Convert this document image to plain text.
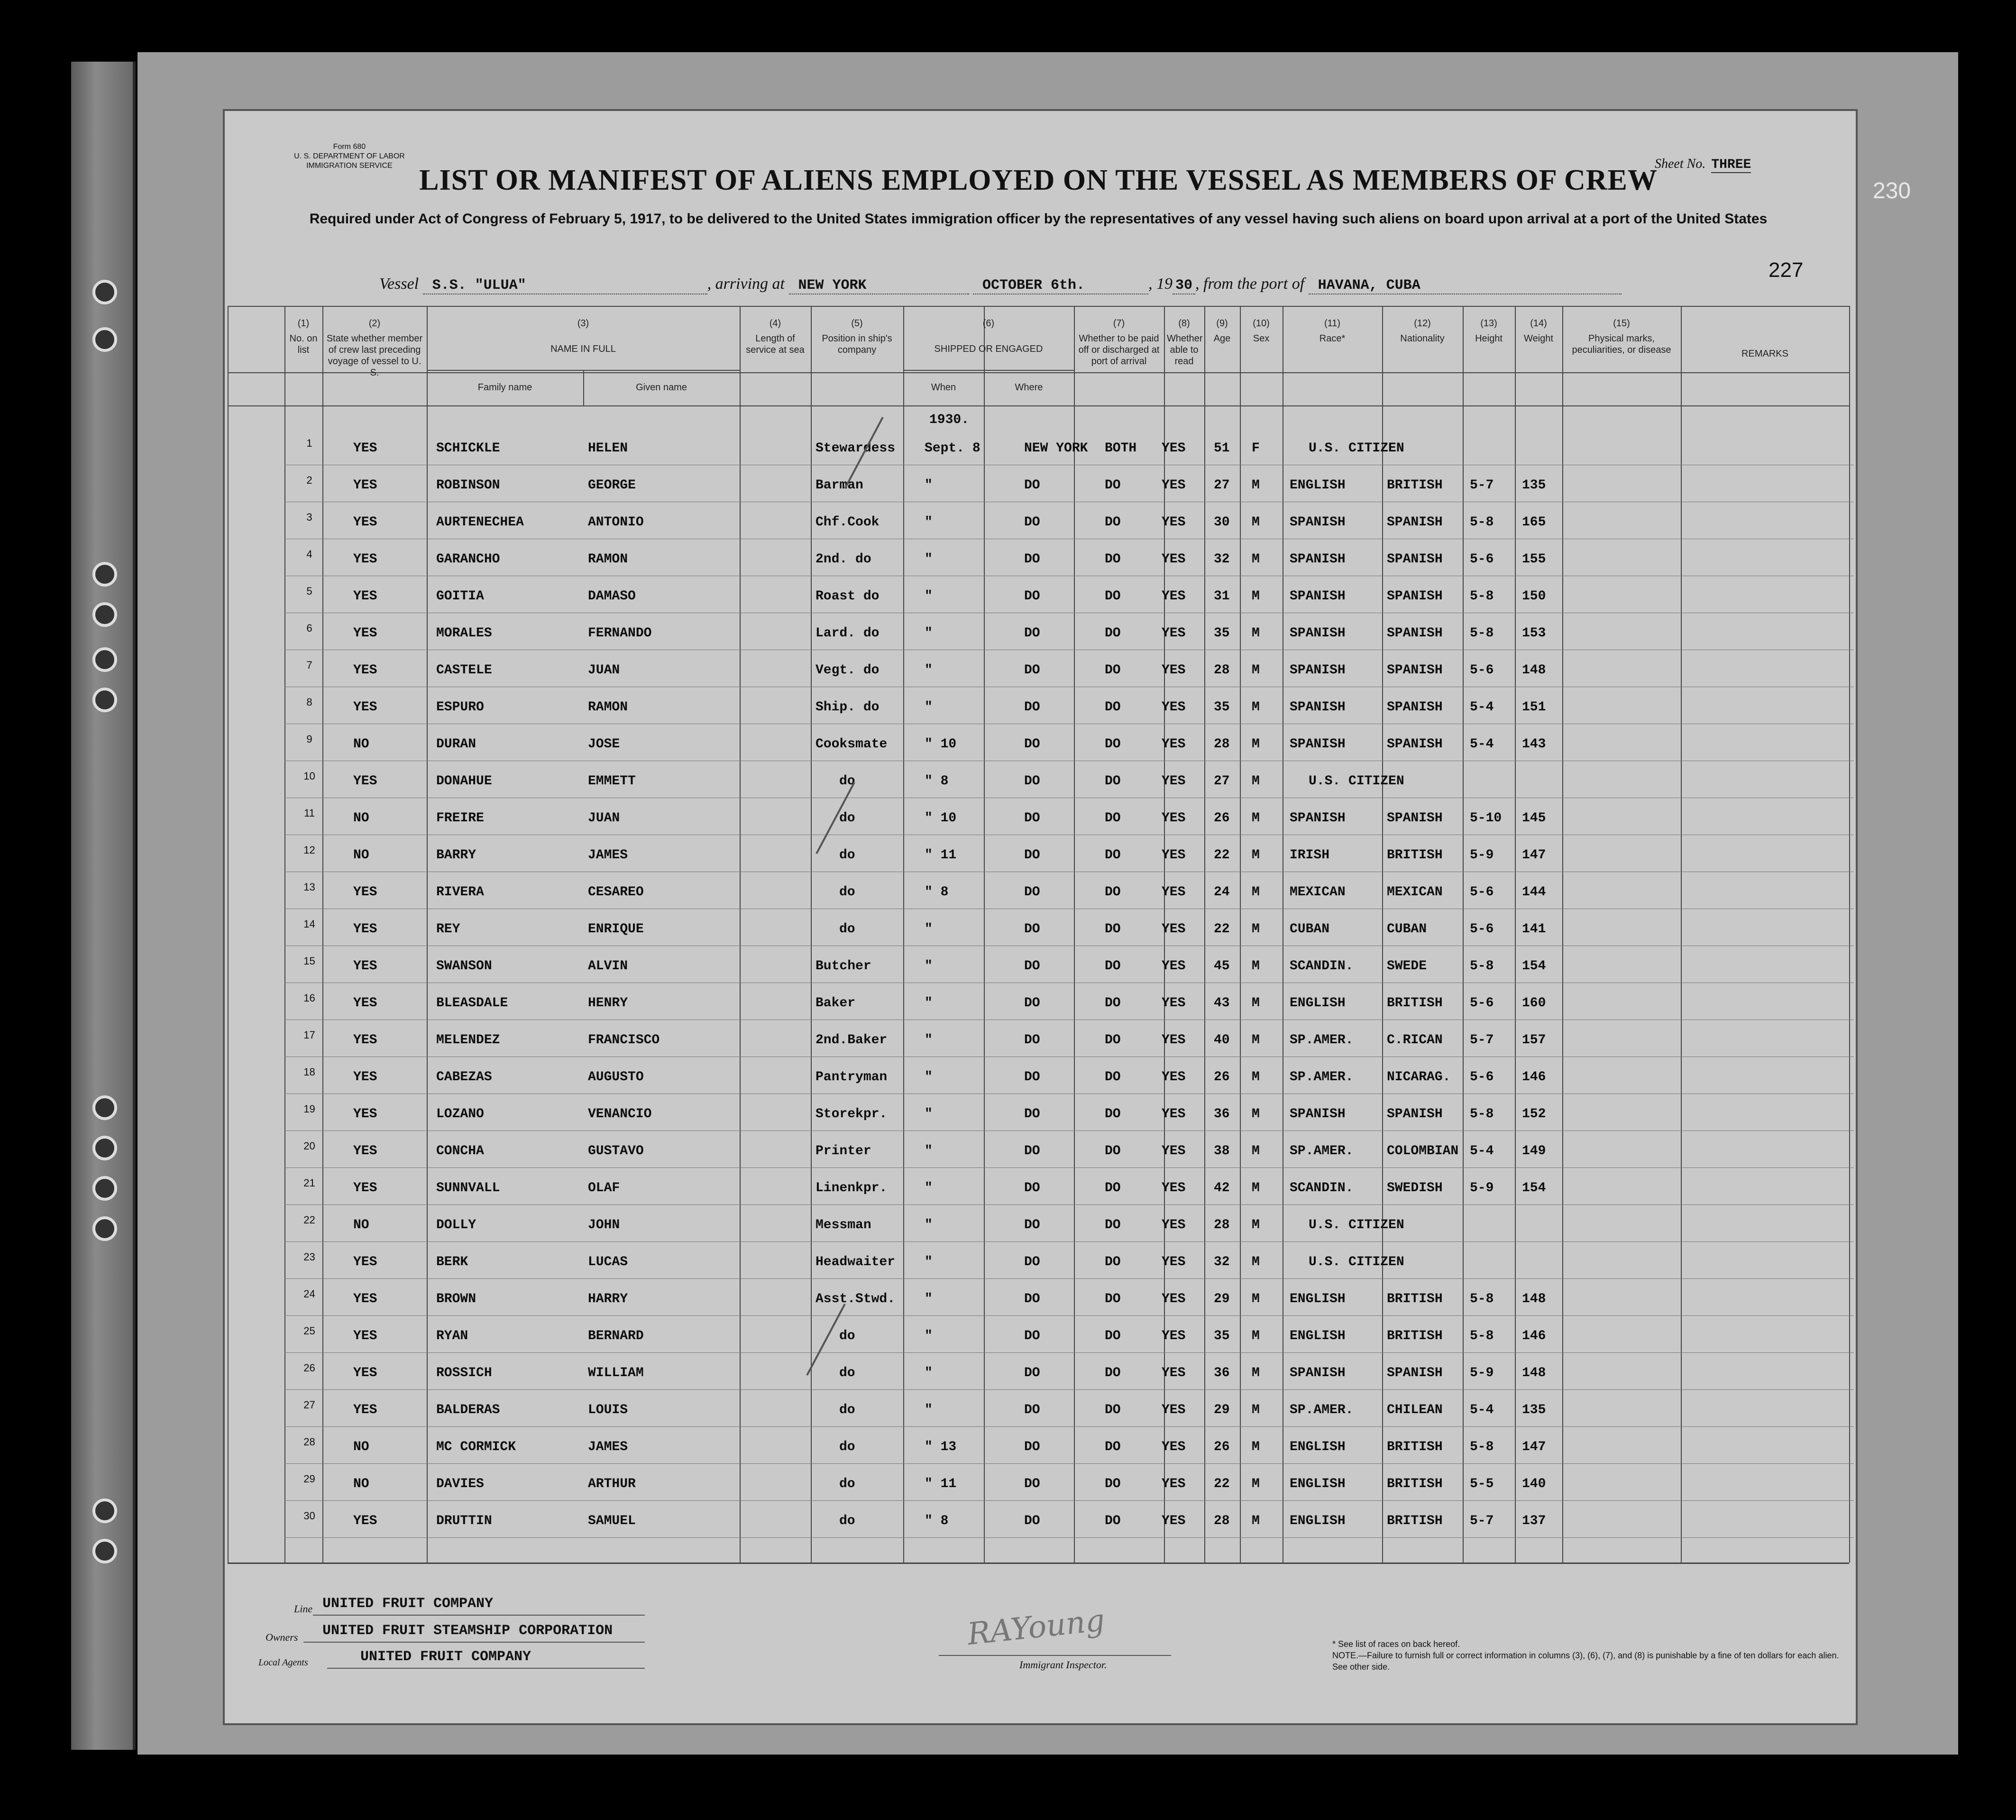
Form 680
U. S. DEPARTMENT OF LABOR
IMMIGRATION SERVICE LIST OR MANIFEST OF ALIENS EMPLOYED ON THE VESSEL AS MEMBERS OF CREW
Required under Act of Congress of February 5, 1917, to be delivered to the United States immigration officer by the representatives of any vessel having such aliens on board upon arrival at a port of the United States
Sheet No. THREE
230
227
Vessel S.S. "ULUA"	, arriving at NEW YORK	OCTOBER 6th.	, 19 30 , from the port of HAVANA, CUBA
(1)
No. on list
(2)
State whether member of crew last preceding voyage of vessel to U. S.
(3)
NAME IN FULL
(4)
Length of service at sea
(5)
Position in ship's company
(6)
SHIPPED OR ENGAGED
(7)
Whether to be paid off or discharged at port of arrival
(8)
Whether able to read
(9)
Age
(10)
Sex
(11)
Race*
(12)
Nationality
(13)
Height
(14)
Weight
(15)
Physical marks, peculiarities, or disease	REMARKS
Family name	Given name	When	Where
1	YES	SCHICKLE	HELEN	Stewardess Sept. 8	NEW YORK BOTH YES 51 F	U.S. CITIZEN
2	YES	ROBINSON	GEORGE	Barman	"	DO	DO	YES 27 M ENGLISH	BRITISH 5-7 135
3	YES	AURTENECHEA	ANTONIO	Chf.Cook	"	DO	DO	YES 30 M SPANISH	SPANISH 5-8 165
4	YES	GARANCHO	RAMON	2nd. do	"	DO	DO	YES 32 M SPANISH	SPANISH 5-6 155
5	YES	GOITIA	DAMASO	Roast do	"	DO	DO	YES 31 M SPANISH	SPANISH 5-8 150
6	YES	MORALES	FERNANDO	Lard. do	"	DO	DO	YES 35 M SPANISH	SPANISH 5-8 153
7	YES	CASTELE	JUAN	Vegt. do	"	DO	DO	YES 28 M SPANISH	SPANISH 5-6 148
8	YES	ESPURO	RAMON	Ship. do	"	DO	DO	YES 35 M SPANISH	SPANISH 5-4 151
9	NO	DURAN	JOSE	Cooksmate	" 10	DO	DO	YES 28 M SPANISH	SPANISH 5-4 143
10	YES	DONAHUE	EMMETT	do	" 8	DO	DO	YES 27 M	U.S. CITIZEN
11	NO	FREIRE	JUAN	do	" 10	DO	DO	YES 26 M SPANISH	SPANISH 5-10 145
12	NO	BARRY	JAMES	do	" 11	DO	DO	YES 22 M IRISH	BRITISH 5-9 147
13	YES	RIVERA	CESAREO	do	" 8	DO	DO	YES 24 M MEXICAN	MEXICAN 5-6 144
14	YES	REY	ENRIQUE	do	"	DO	DO	YES 22 M CUBAN	CUBAN	5-6 141
15	YES	SWANSON	ALVIN	Butcher	"	DO	DO	YES 45 M SCANDIN.	SWEDE	5-8 154
16	YES	BLEASDALE	HENRY	Baker	"	DO	DO	YES 43 M ENGLISH	BRITISH 5-6 160
17	YES	MELENDEZ	FRANCISCO	2nd.Baker	"	DO	DO	YES 40 M SP.AMER.	C.RICAN 5-7 157
18	YES	CABEZAS	AUGUSTO	Pantryman	"	DO	DO	YES 26 M SP.AMER.	NICARAG. 5-6 146
19	YES	LOZANO	VENANCIO	Storekpr.	"	DO	DO	YES 36 M SPANISH	SPANISH 5-8 152
20	YES	CONCHA	GUSTAVO	Printer	"	DO	DO	YES 38 M SP.AMER.	COLOMBIAN 5-4 149
21	YES	SUNNVALL	OLAF	Linenkpr.	"	DO	DO	YES 42 M SCANDIN.	SWEDISH 5-9 154
22	NO	DOLLY	JOHN	Messman	"	DO	DO	YES 28 M	U.S. CITIZEN
23	YES	BERK	LUCAS	Headwaiter "	DO	DO	YES 32 M	U.S. CITIZEN
24	YES	BROWN	HARRY	Asst.Stwd. "	DO	DO	YES 29 M ENGLISH	BRITISH 5-8 148
25	YES	RYAN	BERNARD	do	"	DO	DO	YES 35 M ENGLISH	BRITISH 5-8 146
26	YES	ROSSICH	WILLIAM	do	"	DO	DO	YES 36 M SPANISH	SPANISH 5-9 148
27	YES	BALDERAS	LOUIS	do	"	DO	DO	YES 29 M SP.AMER.	CHILEAN 5-4 135
28	NO	MC CORMICK	JAMES	do	" 13	DO	DO	YES 26 M ENGLISH	BRITISH 5-8 147
29	NO	DAVIES	ARTHUR	do	" 11	DO	DO	YES 22 M ENGLISH	BRITISH 5-5 140
30	YES	DRUTTIN	SAMUEL	do	" 8	DO	DO	YES 28 M ENGLISH	BRITISH 5-7 137
1930.
Line UNITED FRUIT COMPANY
Owners UNITED FRUIT STEAMSHIP CORPORATION
Local Agents	UNITED FRUIT COMPANY
RAYoung
Immigrant Inspector.
* See list of races on back hereof.
NOTE.—Failure to furnish full or correct information in columns (3), (6), (7), and (8) is punishable by a fine of ten dollars for each alien. See other side.
